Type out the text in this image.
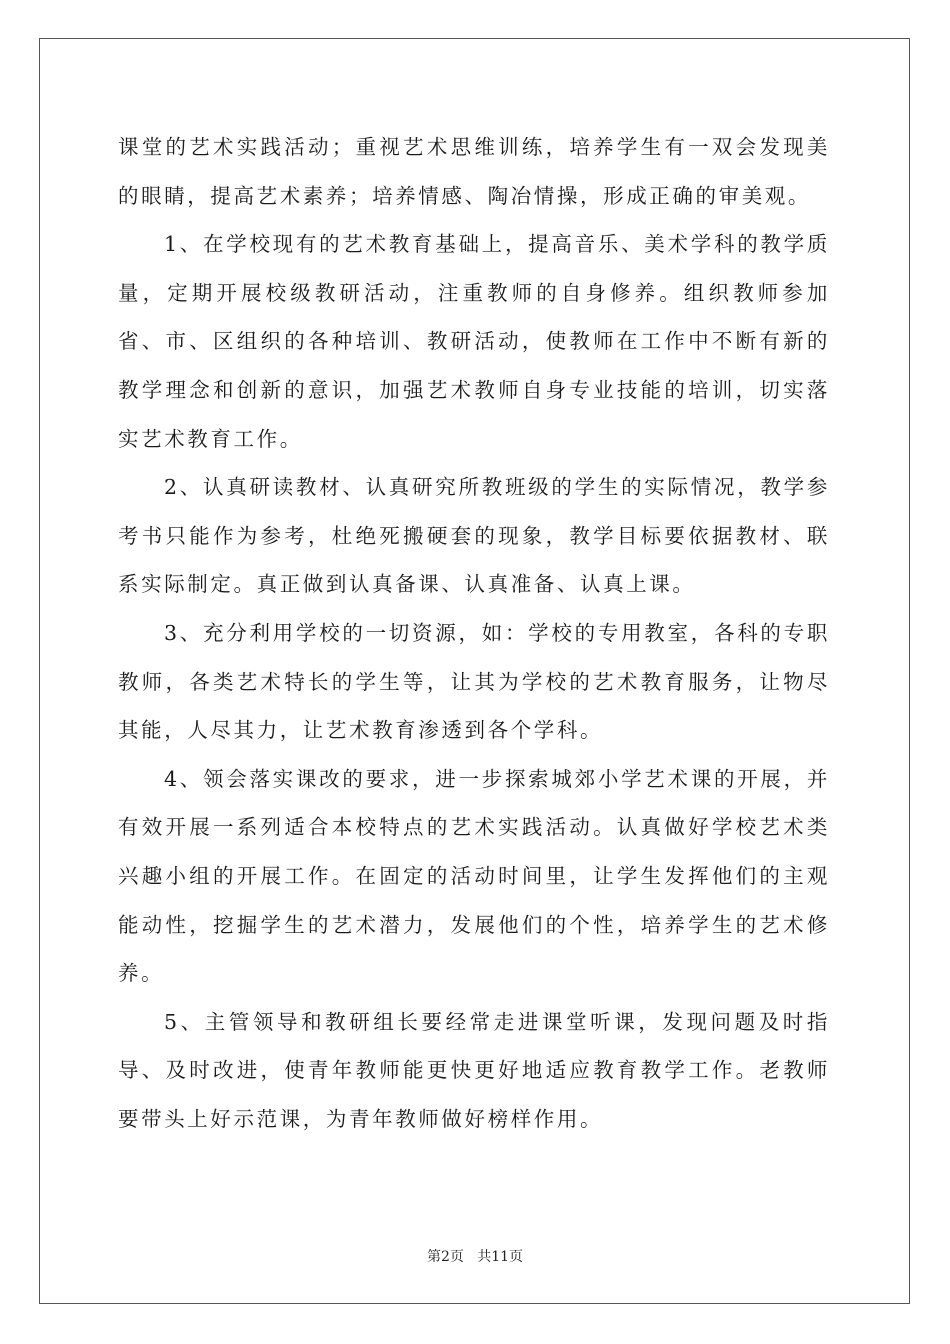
课堂的艺术实践活动；重视艺术思维训练，培养学生有一双会发现美的眼睛，提高艺术素养；培养情感、陶冶情操，形成正确的审美观。

1、在学校现有的艺术教育基础上，提高音乐、美术学科的教学质量，定期开展校级教研活动，注重教师的自身修养。组织教师参加省、市、区组织的各种培训、教研活动，使教师在工作中不断有新的教学理念和创新的意识，加强艺术教师自身专业技能的培训，切实落实艺术教育工作。

2、认真研读教材、认真研究所教班级的学生的实际情况，教学参考书只能作为参考，杜绝死搬硬套的现象，教学目标要依据教材、联系实际制定。真正做到认真备课、认真准备、认真上课。

3、充分利用学校的一切资源，如：学校的专用教室，各科的专职教师，各类艺术特长的学生等，让其为学校的艺术教育服务，让物尽其能，人尽其力，让艺术教育渗透到各个学科。

4、领会落实课改的要求，进一步探索城郊小学艺术课的开展，并有效开展一系列适合本校特点的艺术实践活动。认真做好学校艺术类兴趣小组的开展工作。在固定的活动时间里，让学生发挥他们的主观能动性，挖掘学生的艺术潜力，发展他们的个性，培养学生的艺术修养。

5、主管领导和教研组长要经常走进课堂听课，发现问题及时指导、及时改进，使青年教师能更快更好地适应教育教学工作。老教师要带头上好示范课，为青年教师做好榜样作用。

第2页   共11页
